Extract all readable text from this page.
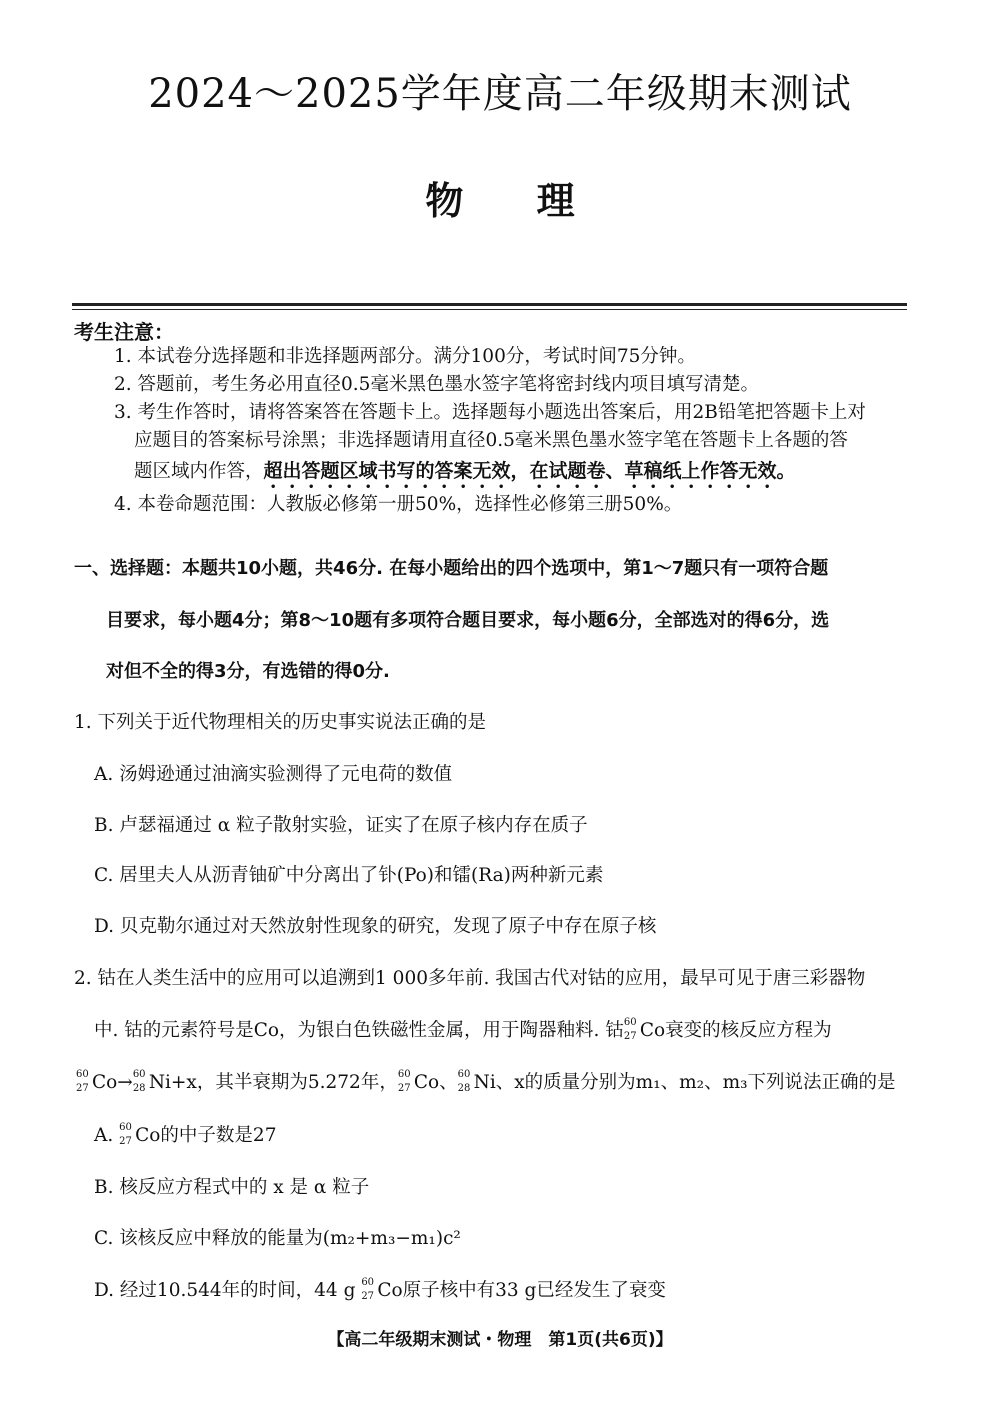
2024～2025学年度高二年级期末测试
物 理
考生注意：
1. 本试卷分选择题和非选择题两部分。满分100分，考试时间75分钟。
2. 答题前，考生务必用直径0.5毫米黑色墨水签字笔将密封线内项目填写清楚。
3. 考生作答时，请将答案答在答题卡上。选择题每小题选出答案后，用2B铅笔把答题卡上对
应题目的答案标号涂黑；非选择题请用直径0.5毫米黑色墨水签字笔在答题卡上各题的答
题区域内作答，超出答题区域书写的答案无效，在试题卷、草稿纸上作答无效。
4. 本卷命题范围：人教版必修第一册50%，选择性必修第三册50%。
一、选择题：本题共10小题，共46分. 在每小题给出的四个选项中，第1～7题只有一项符合题
目要求，每小题4分；第8～10题有多项符合题目要求，每小题6分，全部选对的得6分，选
对但不全的得3分，有选错的得0分.
1. 下列关于近代物理相关的历史事实说法正确的是
A. 汤姆逊通过油滴实验测得了元电荷的数值
B. 卢瑟福通过 α 粒子散射实验，证实了在原子核内存在质子
C. 居里夫人从沥青铀矿中分离出了钋(Po)和镭(Ra)两种新元素
D. 贝克勒尔通过对天然放射性现象的研究，发现了原子中存在原子核
2. 钴在人类生活中的应用可以追溯到1 000多年前. 我国古代对钴的应用，最早可见于唐三彩器物
中. 钴的元素符号是Co，为银白色铁磁性金属，用于陶器釉料. 钴 60
27 Co衰变的核反应方程为
60
27 Co→ 60
28 Ni+x，其半衰期为5.272年， 60
27 Co、 60
28 Ni、x的质量分别为m₁、m₂、m₃下列说法正确的是
A. 60
27 Co的中子数是27
B. 核反应方程式中的 x 是 α 粒子
C. 该核反应中释放的能量为(m₂+m₃−m₁)c²
D. 经过10.544年的时间，44 g 60
27 Co原子核中有33 g已经发生了衰变
【高二年级期末测试・物理　第1页(共6页)】
